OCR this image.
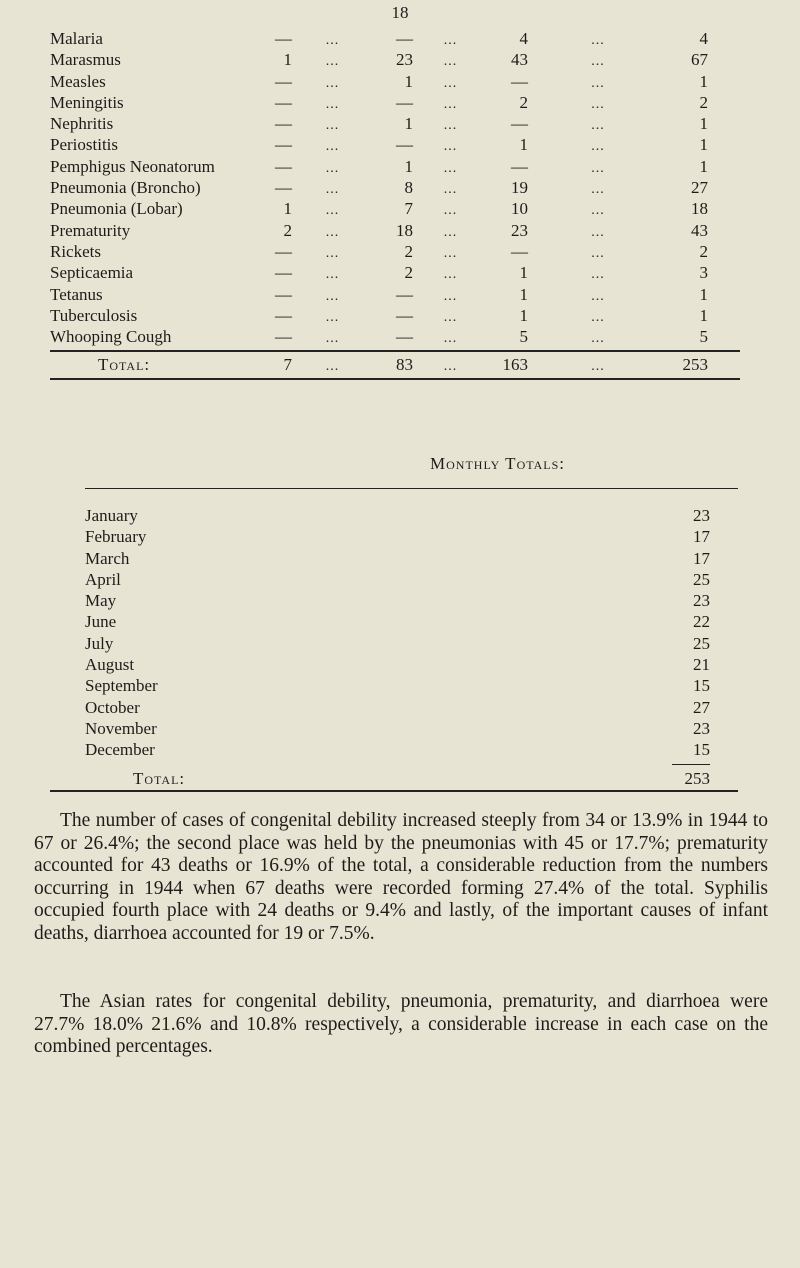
18
Malaria	—	...	—	...	4	...	4
Marasmus	1	...	23	...	43	...	67
Measles	—	...	1	...	—	...	1
Meningitis	—	...	—	...	2	...	2
Nephritis	—	...	1	...	—	...	1
Periostitis	—	...	—	...	1	...	1
Pemphigus Neonatorum	—	...	1	...	—	...	1
Pneumonia (Broncho)	—	...	8	...	19	...	27
Pneumonia (Lobar)	1	...	7	...	10	...	18
Prematurity	2	...	18	...	23	...	43
Rickets	—	...	2	...	—	...	2
Septicaemia	—	...	2	...	1	...	3
Tetanus	—	...	—	...	1	...	1
Tuberculosis	—	...	—	...	1	...	1
Whooping Cough	—	...	—	...	5	...	5
Total:	7	...	83	...	163	...	253
Monthly Totals:
January	23
February	17
March	17
April	25
May	23
June	22
July	25
August	21
September	15
October	27
November	23
December	15
Total:	253

The number of cases of congenital debility increased steeply from 34 or 13.9% in 1944 to 67 or 26.4%; the second place was held by the pneumonias with 45 or 17.7%; prematurity accounted for 43 deaths or 16.9% of the total, a considerable reduction from the numbers occurring in 1944 when 67 deaths were recorded forming 27.4% of the total. Syphilis occupied fourth place with 24 deaths or 9.4% and lastly, of the important causes of infant deaths, diarrhoea accounted for 19 or 7.5%.

The Asian rates for congenital debility, pneumonia, prematurity, and diarrhoea were 27.7% 18.0% 21.6% and 10.8% respectively, a considerable increase in each case on the combined percentages.
